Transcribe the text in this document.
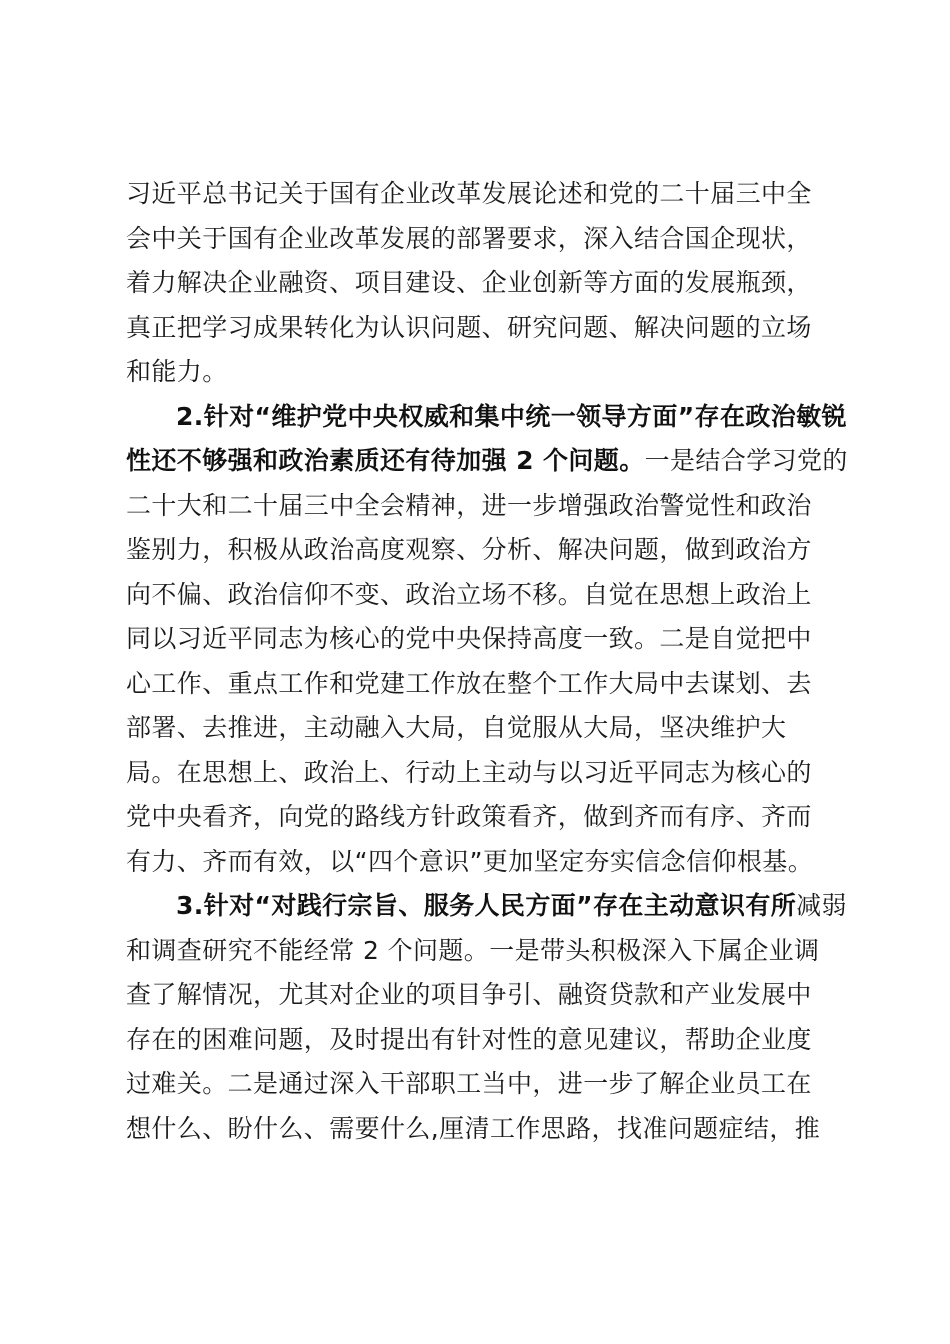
习近平总书记关于国有企业改革发展论述和党的二十届三中全
会中关于国有企业改革发展的部署要求，深入结合国企现状，
着力解决企业融资、项目建设、企业创新等方面的发展瓶颈，
真正把学习成果转化为认识问题、研究问题、解决问题的立场
和能力。
2.针对“维护党中央权威和集中统一领导方面”存在政治敏锐
性还不够强和政治素质还有待加强 2 个问题。一是结合学习党的
二十大和二十届三中全会精神，进一步增强政治警觉性和政治
鉴别力，积极从政治高度观察、分析、解决问题，做到政治方
向不偏、政治信仰不变、政治立场不移。自觉在思想上政治上
同以习近平同志为核心的党中央保持高度一致。二是自觉把中
心工作、重点工作和党建工作放在整个工作大局中去谋划、去
部署、去推进，主动融入大局，自觉服从大局，坚决维护大
局。在思想上、政治上、行动上主动与以习近平同志为核心的
党中央看齐，向党的路线方针政策看齐，做到齐而有序、齐而
有力、齐而有效，以“四个意识”更加坚定夯实信念信仰根基。
3.针对“对践行宗旨、服务人民方面”存在主动意识有所减弱
和调查研究不能经常 2 个问题。一是带头积极深入下属企业调
查了解情况，尤其对企业的项目争引、融资贷款和产业发展中
存在的困难问题，及时提出有针对性的意见建议，帮助企业度
过难关。二是通过深入干部职工当中，进一步了解企业员工在
想什么、盼什么、需要什么,厘清工作思路，找准问题症结，推
